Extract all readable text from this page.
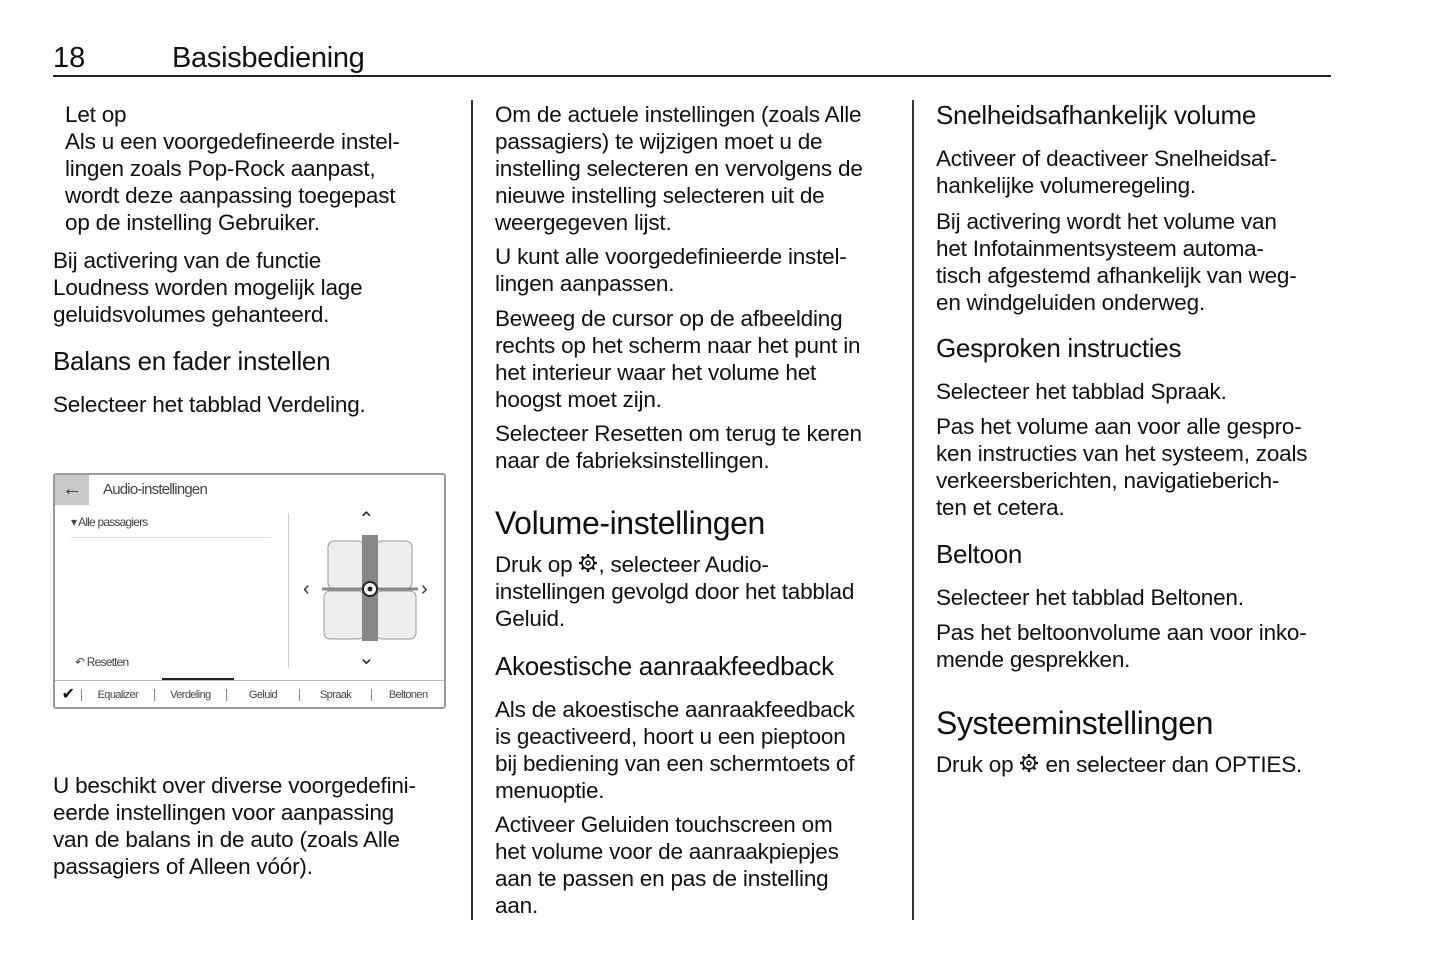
18	Basisbediening
Let op
Als u een voorgedefineerde instel-
lingen zoals Pop-Rock aanpast,
wordt deze aanpassing toegepast
op de instelling Gebruiker.
Bij activering van de functie
Loudness worden mogelijk lage
geluidsvolumes gehanteerd.
Balans en fader instellen
Selecteer het tabblad Verdeling.
←	Audio-instellingen
▾ Alle passagiers
↶ Resetten
⌃
⌄
‹	›
✔	Equalizer	Verdeling	Geluid	Spraak	Beltonen
U beschikt over diverse voorgedefini-
eerde instellingen voor aanpassing
van de balans in de auto (zoals Alle
passagiers of Alleen vóór).
Om de actuele instellingen (zoals Alle
passagiers) te wijzigen moet u de
instelling selecteren en vervolgens de
nieuwe instelling selecteren uit de
weergegeven lijst.
U kunt alle voorgedefinieerde instel-
lingen aanpassen.
Beweeg de cursor op de afbeelding
rechts op het scherm naar het punt in
het interieur waar het volume het
hoogst moet zijn.
Selecteer Resetten om terug te keren
naar de fabrieksinstellingen.
Volume-instellingen
Druk op , selecteer Audio-
instellingen gevolgd door het tabblad
Geluid.
Akoestische aanraakfeedback
Als de akoestische aanraakfeedback
is geactiveerd, hoort u een pieptoon
bij bediening van een schermtoets of
menuoptie.
Activeer Geluiden touchscreen om
het volume voor de aanraakpiepjes
aan te passen en pas de instelling
aan.
Snelheidsafhankelijk volume
Activeer of deactiveer Snelheidsaf-
hankelijke volumeregeling.
Bij activering wordt het volume van
het Infotainmentsysteem automa-
tisch afgestemd afhankelijk van weg-
en windgeluiden onderweg.
Gesproken instructies
Selecteer het tabblad Spraak.
Pas het volume aan voor alle gespro-
ken instructies van het systeem, zoals
verkeersberichten, navigatieberich-
ten et cetera.
Beltoon
Selecteer het tabblad Beltonen.
Pas het beltoonvolume aan voor inko-
mende gesprekken.
Systeeminstellingen
Druk op  en selecteer dan OPTIES.
